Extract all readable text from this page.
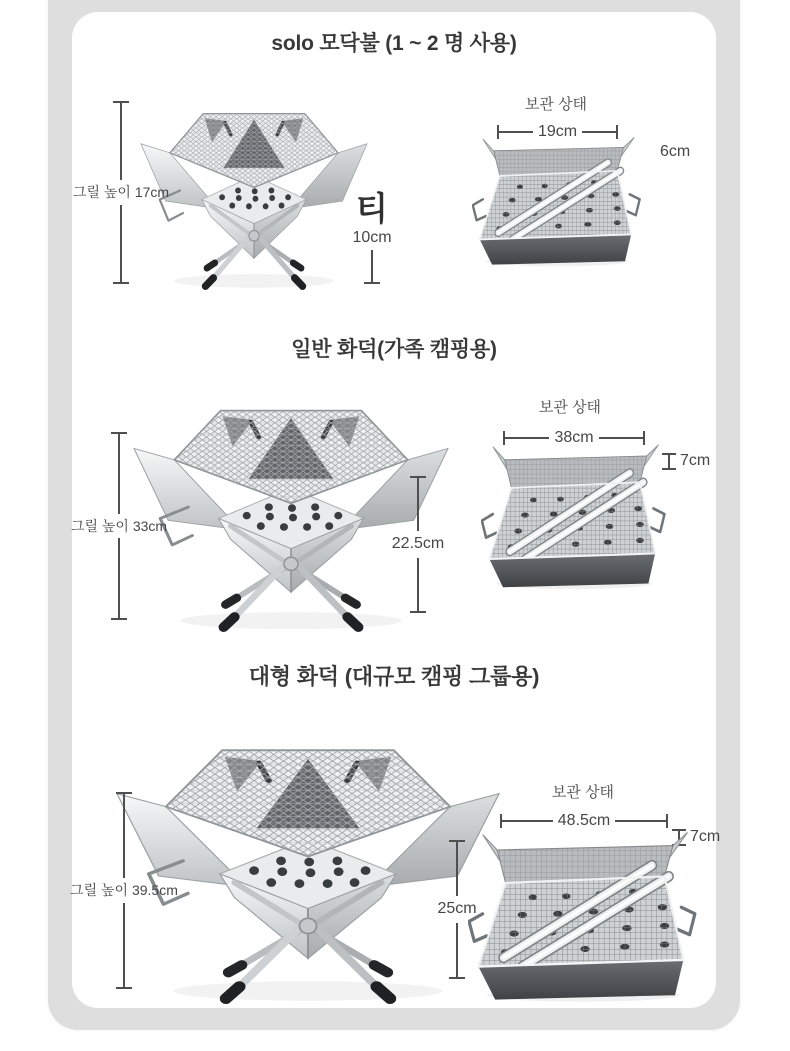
solo 모닥불 (1 ~ 2 명 사용)
그릴 높이 17cm	티
10cm
보관 상태
19cm
6cm
일반 화덕(가족 캠핑용)
그릴 높이 33cm
22.5cm
보관 상태
38cm
7cm
대형 화덕 (대규모 캠핑 그룹용)
그릴 높이 39.5cm
25cm
보관 상태
48.5cm
7cm
